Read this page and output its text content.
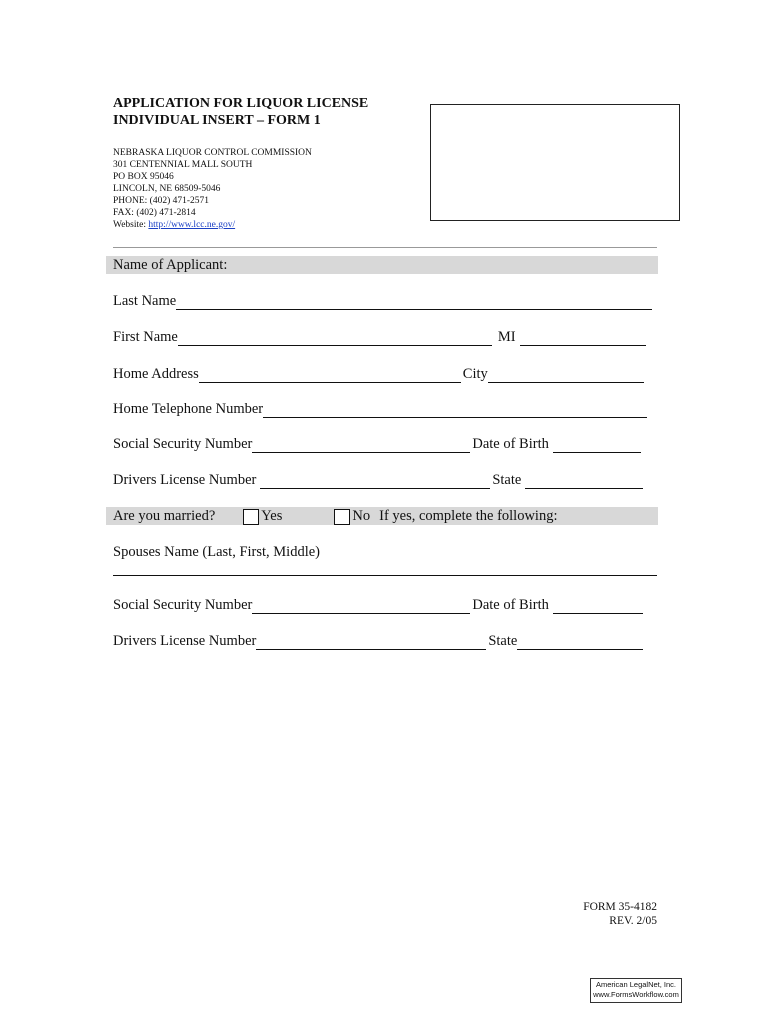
APPLICATION FOR LIQUOR LICENSE
INDIVIDUAL INSERT – FORM 1
NEBRASKA LIQUOR CONTROL COMMISSION
301 CENTENNIAL MALL SOUTH
PO BOX 95046
LINCOLN, NE 68509-5046
PHONE: (402) 471-2571
FAX: (402) 471-2814
Website: http://www.lcc.ne.gov/
Name of Applicant:
Last Name
First Name	MI
Home Address	City
Home Telephone Number
Social Security Number	Date of Birth
Drivers License Number	State
Are you married?	Yes	No If yes, complete the following:
Spouses Name (Last, First, Middle)
Social Security Number	Date of Birth
Drivers License Number	State
FORM 35-4182
REV. 2/05
American LegalNet, Inc.
www.FormsWorkflow.com
